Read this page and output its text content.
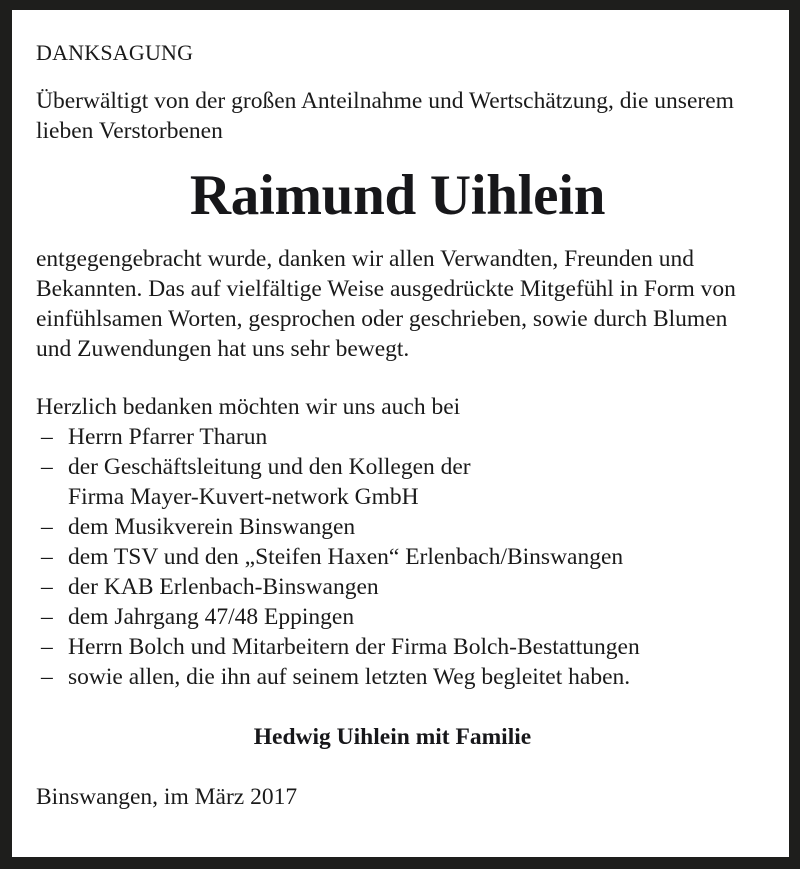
DANKSAGUNG

Überwältigt von der großen Anteilnahme und Wertschätzung, die unserem lieben Verstorbenen

Raimund Uihlein

entgegengebracht wurde, danken wir allen Verwandten, Freunden und Bekannten. Das auf vielfältige Weise ausgedrückte Mitgefühl in Form von einfühlsamen Worten, gesprochen oder geschrieben, sowie durch Blumen und Zuwendungen hat uns sehr bewegt.

Herzlich bedanken möchten wir uns auch bei

– Herrn Pfarrer Tharun
– der Geschäftsleitung und den Kollegen der
Firma Mayer-Kuvert-network GmbH
– dem Musikverein Binswangen
– dem TSV und den „Steifen Haxen“ Erlenbach/Binswangen
– der KAB Erlenbach-Binswangen
– dem Jahrgang 47/48 Eppingen
– Herrn Bolch und Mitarbeitern der Firma Bolch-Bestattungen
– sowie allen, die ihn auf seinem letzten Weg begleitet haben.

Hedwig Uihlein mit Familie

Binswangen, im März 2017
